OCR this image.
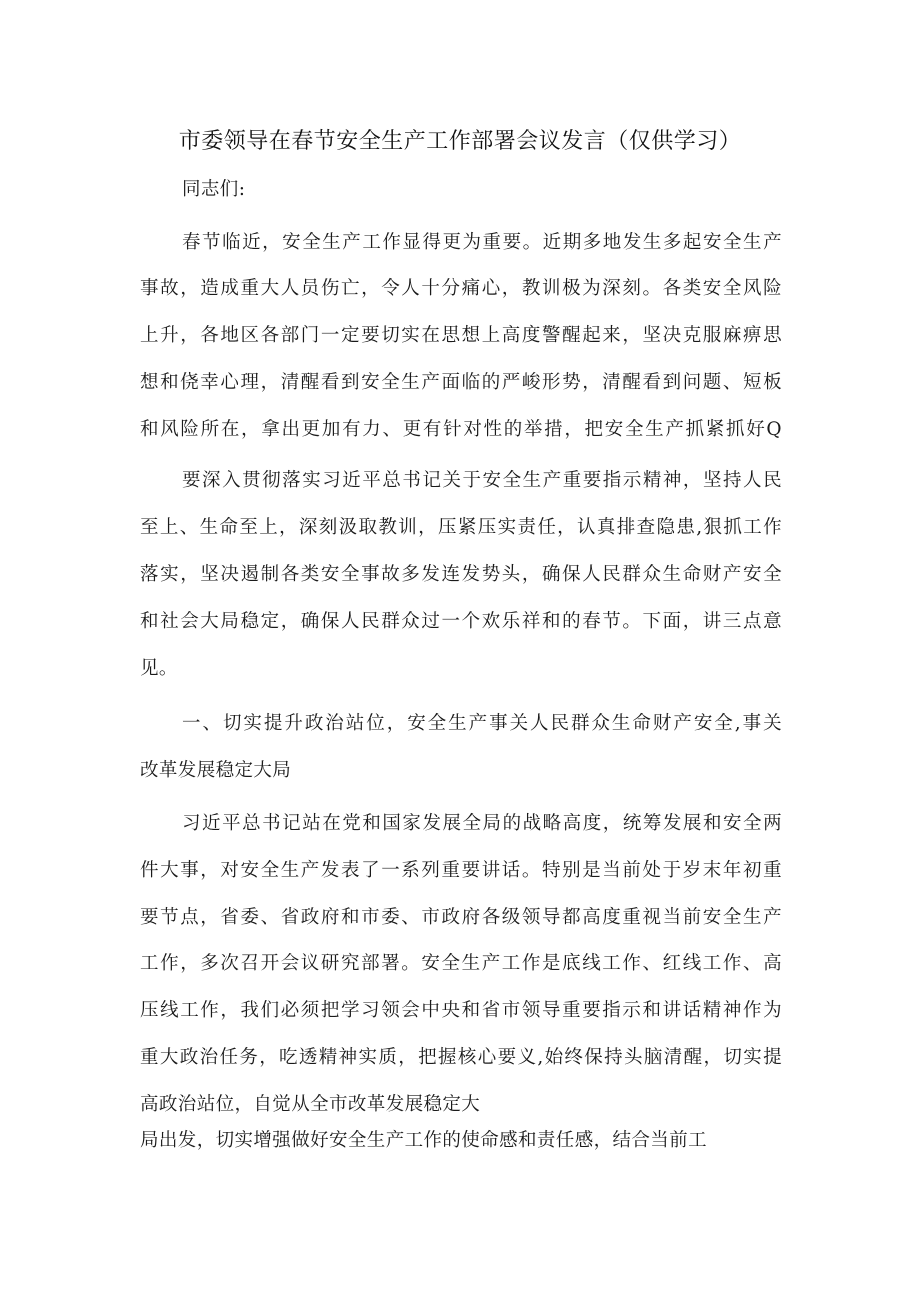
市委领导在春节安全生产工作部署会议发言（仅供学习）

同志们:

春节临近，安全生产工作显得更为重要。近期多地发生多起安全生产

事故，造成重大人员伤亡，令人十分痛心，教训极为深刻。各类安全风险

上升，各地区各部门一定要切实在思想上高度警醒起来，坚决克服麻痹思

想和侥幸心理，清醒看到安全生产面临的严峻形势，清醒看到问题、短板

和风险所在，拿出更加有力、更有针对性的举措，把安全生产抓紧抓好Q

要深入贯彻落实习近平总书记关于安全生产重要指示精神，坚持人民

至上、生命至上，深刻汲取教训，压紧压实责任，认真排查隐患,狠抓工作

落实，坚决遏制各类安全事故多发连发势头，确保人民群众生命财产安全

和社会大局稳定，确保人民群众过一个欢乐祥和的春节。下面，讲三点意

见。

一、切实提升政治站位，安全生产事关人民群众生命财产安全,事关

改革发展稳定大局

习近平总书记站在党和国家发展全局的战略高度，统筹发展和安全两

件大事，对安全生产发表了一系列重要讲话。特别是当前处于岁末年初重

要节点，省委、省政府和市委、市政府各级领导都高度重视当前安全生产

工作，多次召开会议研究部署。安全生产工作是底线工作、红线工作、高

压线工作，我们必须把学习领会中央和省市领导重要指示和讲话精神作为

重大政治任务，吃透精神实质，把握核心要义,始终保持头脑清醒，切实提

高政治站位，自觉从全市改革发展稳定大

局出发，切实增强做好安全生产工作的使命感和责任感，结合当前工
